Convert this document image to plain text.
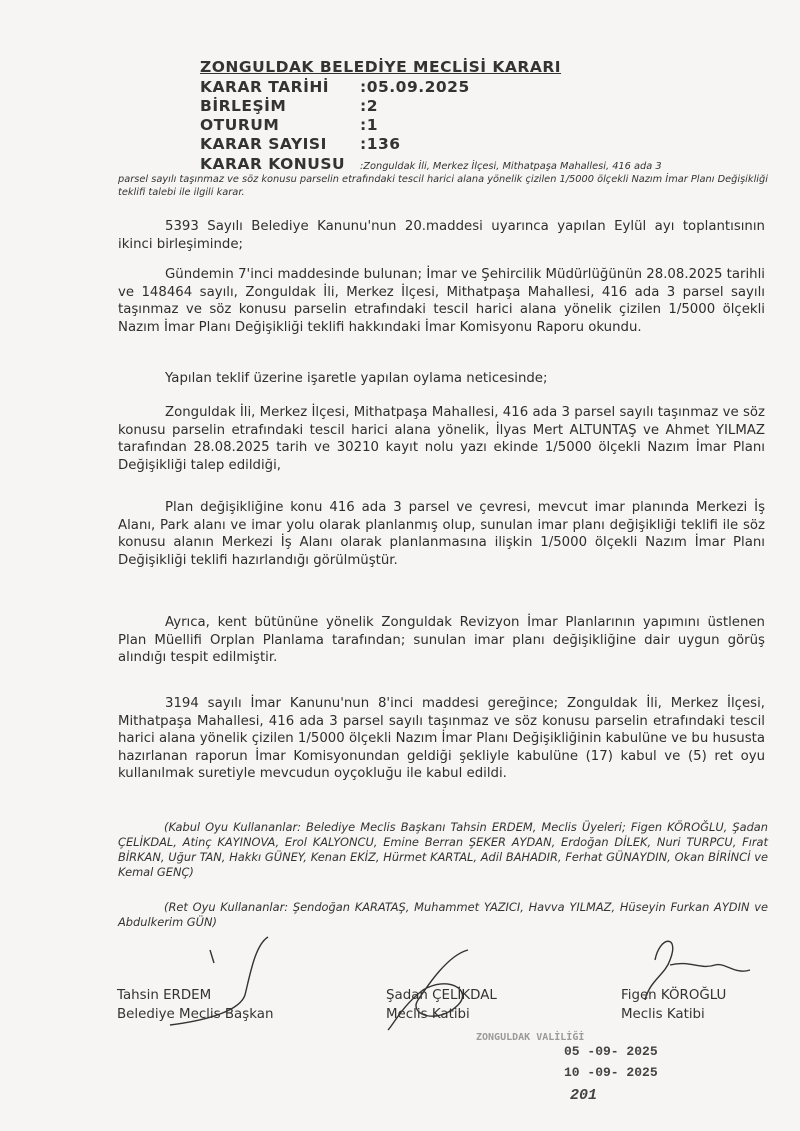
ZONGULDAK BELEDİYE MECLİSİ KARARI
KARAR TARİHİ	:05.09.2025
BİRLEŞİM	:2
OTURUM	:1
KARAR SAYISI	:136
KARAR KONUSU :Zonguldak İli, Merkez İlçesi, Mithatpaşa Mahallesi, 416 ada 3
parsel sayılı taşınmaz ve söz konusu parselin etrafındaki tescil harici alana yönelik çizilen 1/5000 ölçekli Nazım İmar Planı Değişikliği teklifi talebi ile ilgili karar.
5393 Sayılı Belediye Kanunu'nun 20.maddesi uyarınca yapılan Eylül ayı toplantısının ikinci birleşiminde;
Gündemin 7'inci maddesinde bulunan; İmar ve Şehircilik Müdürlüğünün 28.08.2025 tarihli ve 148464 sayılı, Zonguldak İli, Merkez İlçesi, Mithatpaşa Mahallesi, 416 ada 3 parsel sayılı taşınmaz ve söz konusu parselin etrafındaki tescil harici alana yönelik çizilen 1/5000 ölçekli Nazım İmar Planı Değişikliği teklifi hakkındaki İmar Komisyonu Raporu okundu.
Yapılan teklif üzerine işaretle yapılan oylama neticesinde;
Zonguldak İli, Merkez İlçesi, Mithatpaşa Mahallesi, 416 ada 3 parsel sayılı taşınmaz ve söz konusu parselin etrafındaki tescil harici alana yönelik, İlyas Mert ALTUNTAŞ ve Ahmet YILMAZ tarafından 28.08.2025 tarih ve 30210 kayıt nolu yazı ekinde 1/5000 ölçekli Nazım İmar Planı Değişikliği talep edildiği,
Plan değişikliğine konu 416 ada 3 parsel ve çevresi, mevcut imar planında Merkezi İş Alanı, Park alanı ve imar yolu olarak planlanmış olup, sunulan imar planı değişikliği teklifi ile söz konusu alanın Merkezi İş Alanı olarak planlanmasına ilişkin 1/5000 ölçekli Nazım İmar Planı Değişikliği teklifi hazırlandığı görülmüştür.
Ayrıca, kent bütününe yönelik Zonguldak Revizyon İmar Planlarının yapımını üstlenen Plan Müellifi Orplan Planlama tarafından; sunulan imar planı değişikliğine dair uygun görüş alındığı tespit edilmiştir.
3194 sayılı İmar Kanunu'nun 8'inci maddesi gereğince; Zonguldak İli, Merkez İlçesi, Mithatpaşa Mahallesi, 416 ada 3 parsel sayılı taşınmaz ve söz konusu parselin etrafındaki tescil harici alana yönelik çizilen 1/5000 ölçekli Nazım İmar Planı Değişikliğinin kabulüne ve bu hususta hazırlanan raporun İmar Komisyonundan geldiği şekliyle kabulüne (17) kabul ve (5) ret oyu kullanılmak suretiyle mevcudun oyçokluğu ile kabul edildi.
(Kabul Oyu Kullananlar: Belediye Meclis Başkanı Tahsin ERDEM, Meclis Üyeleri; Figen KÖROĞLU, Şadan ÇELİKDAL, Atinç KAYINOVA, Erol KALYONCU, Emine Berran ŞEKER AYDAN, Erdoğan DİLEK, Nuri TURPCU, Fırat BİRKAN, Uğur TAN, Hakkı GÜNEY, Kenan EKİZ, Hürmet KARTAL, Adil BAHADIR, Ferhat GÜNAYDIN, Okan BİRİNCİ ve Kemal GENÇ)
(Ret Oyu Kullananlar: Şendoğan KARATAŞ, Muhammet YAZICI, Havva YILMAZ, Hüseyin Furkan AYDIN ve Abdulkerim GÜN)
Tahsin ERDEM
Belediye Meclis Başkan
Şadan ÇELİKDAL
Meclis Katibi
Figen KÖROĞLU
Meclis Katibi
ZONGULDAK VALİLİĞİ
05 -09- 2025
10 -09- 2025
201
